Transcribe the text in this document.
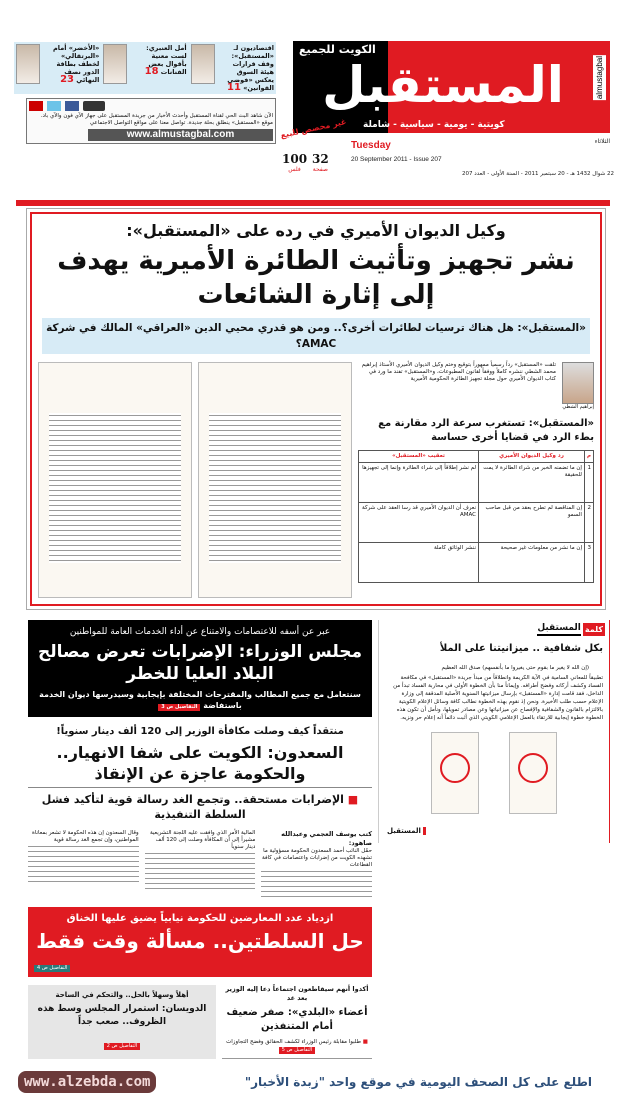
الكويت للجميع
المستقبل
كويتية - يومية - سياسية - شاملة
almustagbal
الثلاثاء
Tuesday
20 September 2011 - Issue 207
22 شوال 1432 هـ - 20 سبتمبر 2011 - السنة الأولى - العدد 207
غير مخصص للبيع
32
صفحة
100
فلس
«الأخضر» أمام «البرتقالي» لخطف بطاقة الدور نصف النهائي 23
أمل العنبري: لست معنية بأقوال بعض الفنانات 18
اقتصاديون لـ «المستقبل»: وقف قرارات هيئة السوق يعكس «فوضى القوانين» 11
الآن شاهد البث الحي لقناة المستقبل وأحدث الأخبار من جريدة المستقبل على جهاز الآي فون والآي باد. موقع «المستقبل» ينطلق بحلة جديدة. تواصل معنا على مواقع التواصل الاجتماعي
www.almustagbal.com
وكيل الديوان الأميري في رده على «المستقبل»:
نشر تجهيز وتأثيث الطائرة الأميرية يهدف إلى إثارة الشائعات
«المستقبل»: هل هناك ترسيات لطائرات أخرى؟.. ومن هو قدري محيي الدين «العراقي» المالك في شركة AMAC؟
إبراهيم الشطي
تلقت «المستقبل» رداً رسمياً ممهوراً بتوقيع وختم وكيل الديوان الأميري الأستاذ إبراهيم محمد الشطي ننشره كاملاً ووفقاً لقانون المطبوعات، و«المستقبل» تفند ما ورد في كتاب الديوان الأميري حول مجلة تجهيز الطائرة الحكومية الأميرية
«المستقبل»: تستغرب سرعة الرد مقارنة مع بطء الرد في قضايا أخرى حساسة
م	رد وكيل الديوان الأميري	تعقيب «المستقبل»
1	إن ما تضمنه الخبر من شراء الطائرة لا يمت للحقيقة	لم نشر إطلاقاً إلى شراء الطائرة وإنما إلى تجهيزها
2	إن المناقصة لم تطرح بعقد من قبل صاحب السمو	نعرف أن الديوان الأميري قد رسا العقد على شركة AMAC
3	إن ما نشر من معلومات غير صحيحة	ننشر الوثائق كاملة
كلمة
المستقبل
بكل شفافية .. ميزانيتنا على الملأ
(إن الله لا يغير ما بقوم حتى يغيروا ما بأنفسهم) صدق الله العظيم
تطبيقاً للمعاني السامية في الآية الكريمة وانطلاقاً من مبدأ جريدة «المستقبل» في مكافحة الفساد وكشف أركانه وفضح أطرافه. وإيماناً منا بأن الخطوة الأولى في محاربة الفساد تبدأ من الداخل، فقد قامت إدارة «المستقبل» بإرسال ميزانيتها السنوية الأصلية المدققة إلى وزارة الإعلام حسب طلب الأخيرة. ونحن إذ نقوم بهذه الخطوة نطالب كافة وسائل الإعلام الكويتية بالالتزام بالقانون والشفافية والإفصاح عن ميزانياتها وعن مصادر تمويلها، ونأمل أن تكون هذه الخطوة خطوة إيجابية للارتقاء بالعمل الإعلامي الكويتي الذي أثبت دائماً أنه إعلام حر ونزيه.
المستقبل
عبر عن أسفه للاعتصامات والامتناع عن أداء الخدمات العامة للمواطنين
مجلس الوزراء: الإضرابات تعرض مصالح البلاد العليا للخطر
سنتعامل مع جميع المطالب والمقترحات المختلفة بإيجابية وسيدرسها ديوان الخدمة باستفاضة التفاصيل ص 3
منتقداً كيف وصلت مكافأة الوزير إلى 120 ألف دينار سنوياً!
السعدون: الكويت على شفا الانهيار.. والحكومة عاجزة عن الإنقاذ
■ الإضرابات مستحقة.. وتجمع الغد رسالة قوية لتأكيد فشل السلطة التنفيذية
كتب يوسف العجمي وعبدالله صاهود:
حمّل النائب أحمد السعدون الحكومة مسؤولية ما تشهده الكويت من إضرابات واعتصامات في كافة القطاعات
المالية الأمر الذي وافقت عليه اللجنة التشريعية مشيراً إلى أن المكافأة وصلت إلى 120 ألف دينار سنوياً
وقال السعدون إن هذه الحكومة لا تشعر بمعاناة المواطنين، وإن تجمع الغد رسالة قوية
ازدياد عدد المعارضين للحكومة نيابياً يضيق عليها الخناق
حل السلطتين.. مسألة وقت فقط
التفاصيل ص 4
أكدوا أنهم سيقاطعون اجتماعاً دعا إليه الوزير بعد غد
أعضاء «البلدي»: صفر ضعيف أمام المتنفذين
■ طلبوا مقابلة رئيس الوزراء لكشف الحقائق وفضح التجاوزات التفاصيل ص 5
أهلاً وسهلاً بالحل.. والتحكم في الساحة
الدويسان: استمرار المجلس وسط هذه الظروف.. صعب جداً
التفاصيل ص 2
اطلع على كل الصحف اليومية في موقع واحد "زبدة الأخبار"
www.alzebda.com
